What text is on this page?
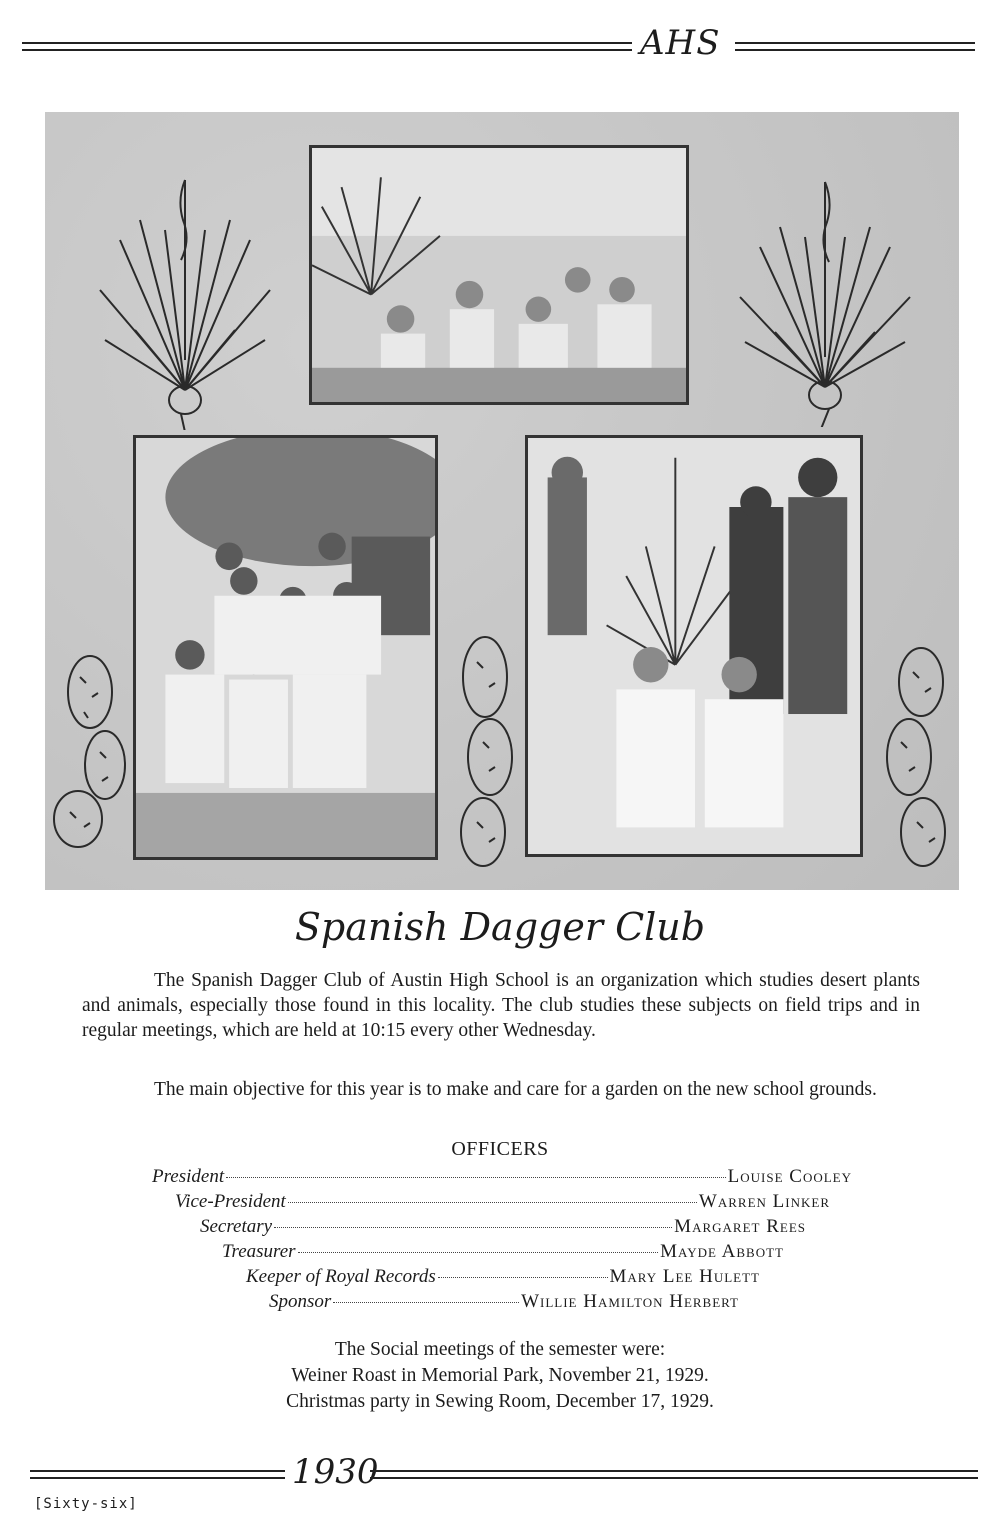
AHS
Spanish Dagger Club
The Spanish Dagger Club of Austin High School is an organization which studies desert plants and animals, especially those found in this locality. The club studies these subjects on field trips and in regular meetings, which are held at 10:15 every other Wednesday.
The main objective for this year is to make and care for a garden on the new school grounds.
OFFICERS
President	Louise Cooley
Vice-President	Warren Linker
Secretary	Margaret Rees
Treasurer	Mayde Abbott
Keeper of Royal Records	Mary Lee Hulett
Sponsor	Willie Hamilton Herbert
The Social meetings of the semester were:
Weiner Roast in Memorial Park, November 21, 1929.
Christmas party in Sewing Room, December 17, 1929.
1930
[Sixty-six]
